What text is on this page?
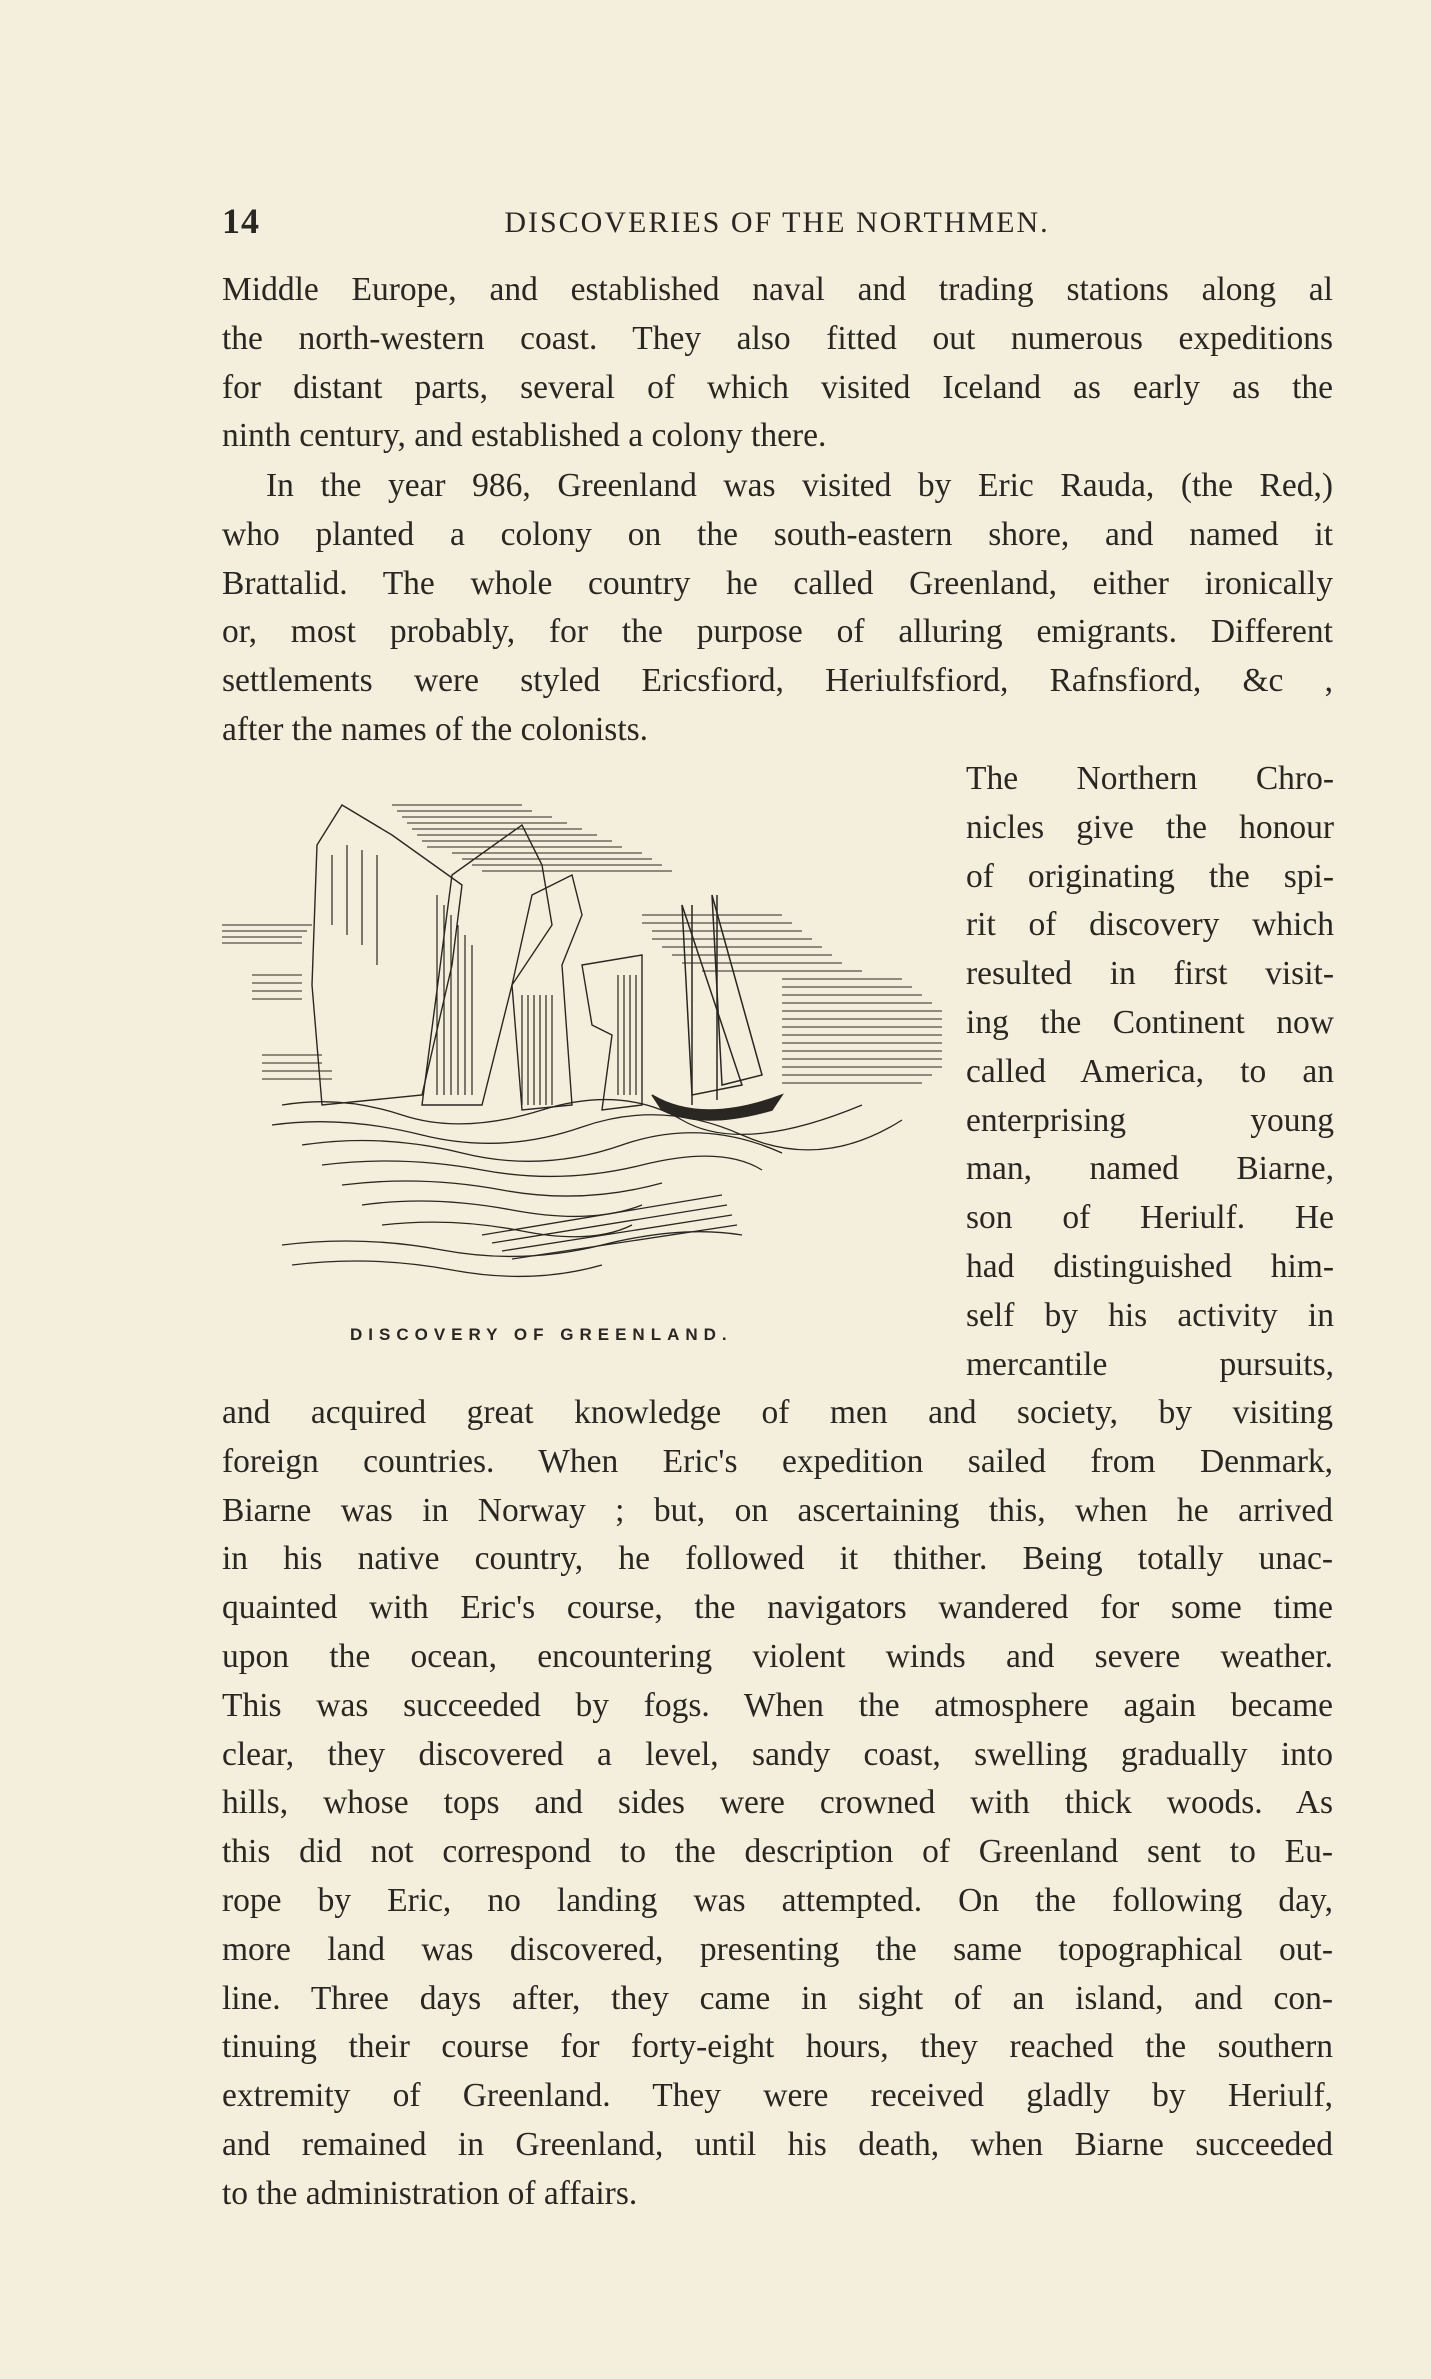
14	DISCOVERIES OF THE NORTHMEN.

Middle Europe, and established naval and trading stations along al
the north-western coast. They also fitted out numerous expeditions
for distant parts, several of which visited Iceland as early as the
ninth century, and established a colony there.

In the year 986, Greenland was visited by Eric Rauda, (the Red,)
who planted a colony on the south-eastern shore, and named it
Brattalid. The whole country he called Greenland, either ironically
or, most probably, for the purpose of alluring emigrants. Different
settlements were styled Ericsfiord, Heriulfsfiord, Rafnsfiord, &c ,
after the names of the colonists.

DISCOVERY OF GREENLAND.
The Northern Chro-
nicles give the honour
of originating the spi-
rit of discovery which
resulted in first visit-
ing the Continent now
called America, to an
enterprising young
man, named Biarne,
son of Heriulf. He
had distinguished him-
self by his activity in
mercantile pursuits,

and acquired great knowledge of men and society, by visiting
foreign countries. When Eric's expedition sailed from Denmark,
Biarne was in Norway ; but, on ascertaining this, when he arrived
in his native country, he followed it thither. Being totally unac-
quainted with Eric's course, the navigators wandered for some time
upon the ocean, encountering violent winds and severe weather.
This was succeeded by fogs. When the atmosphere again became
clear, they discovered a level, sandy coast, swelling gradually into
hills, whose tops and sides were crowned with thick woods. As
this did not correspond to the description of Greenland sent to Eu-
rope by Eric, no landing was attempted. On the following day,
more land was discovered, presenting the same topographical out-
line. Three days after, they came in sight of an island, and con-
tinuing their course for forty-eight hours, they reached the southern
extremity of Greenland. They were received gladly by Heriulf,
and remained in Greenland, until his death, when Biarne succeeded
to the administration of affairs.
